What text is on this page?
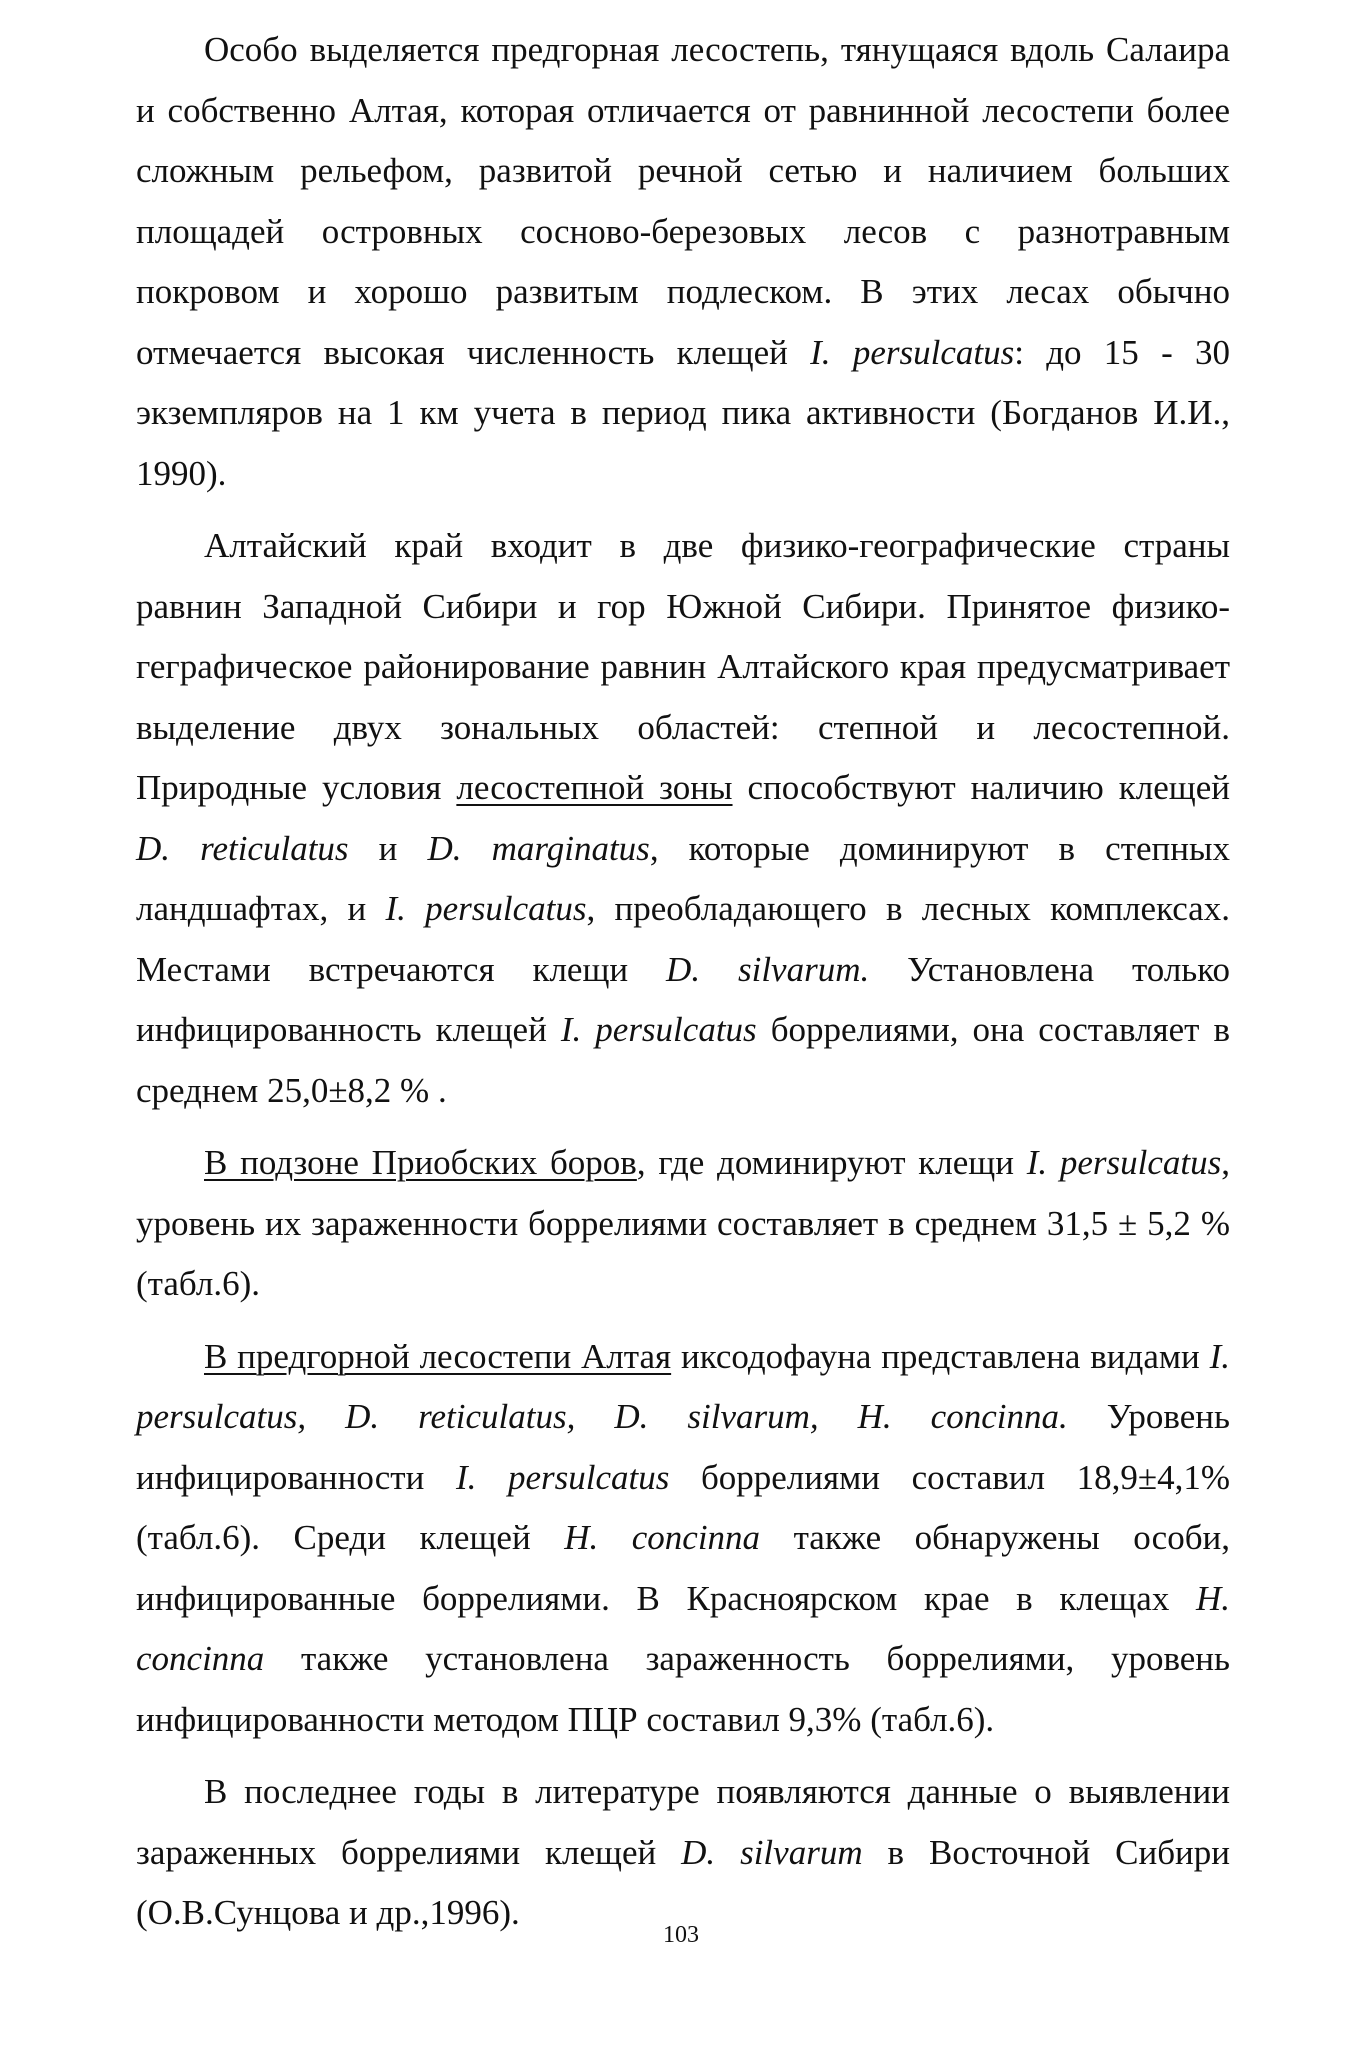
Особо выделяется предгорная лесостепь, тянущаяся вдоль Салаира и собственно Алтая, которая отличается от равнинной лесостепи более сложным рельефом, развитой речной сетью и наличием больших площадей островных сосново-березовых лесов с разнотравным покровом и хорошо развитым подлеском. В этих лесах обычно отмечается высокая численность клещей I. persulcatus: до 15 - 30 экземпляров на 1 км учета в период пика активности (Богданов И.И., 1990).

Алтайский край входит в две физико-географические страны равнин Западной Сибири и гор Южной Сибири. Принятое физико-геграфическое районирование равнин Алтайского края предусматривает выделение двух зональных областей: степной и лесостепной. Природные условия лесостепной зоны способствуют наличию клещей D. reticulatus и D. marginatus, которые доминируют в степных ландшафтах, и I. persulcatus, преобладающего в лесных комплексах. Местами встречаются клещи D. silvarum. Установлена только инфицированность клещей I. persulcatus боррелиями, она составляет в среднем 25,0±8,2 % .

В подзоне Приобских боров, где доминируют клещи I. persulcatus, уровень их зараженности боррелиями составляет в среднем 31,5 ± 5,2 % (табл.6).

В предгорной лесостепи Алтая иксодофауна представлена видами I. persulcatus, D. reticulatus, D. silvarum, H. concinna. Уровень инфицированности I. persulcatus боррелиями составил 18,9±4,1% (табл.6). Среди клещей H. concinna также обнаружены особи, инфицированные боррелиями. В Красноярском крае в клещах H. concinna также установлена зараженность боррелиями, уровень инфицированности методом ПЦР составил 9,3% (табл.6).

В последнее годы в литературе появляются данные о выявлении зараженных боррелиями клещей D. silvarum в Восточной Сибири (О.В.Сунцова и др.,1996).

103
